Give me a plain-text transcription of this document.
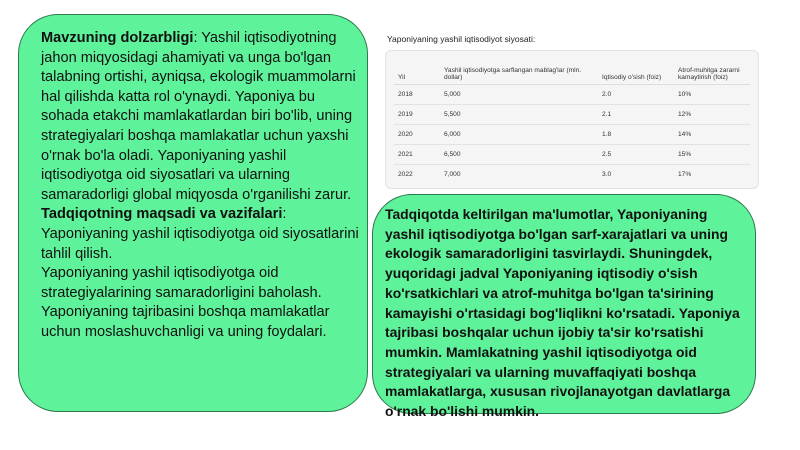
Mavzuning dolzarbligi: Yashil iqtisodiyotning jahon miqyosidagi ahamiyati va unga bo'lgan talabning ortishi, ayniqsa, ekologik muammolarni hal qilishda katta rol o'ynaydi. Yaponiya bu sohada etakchi mamlakatlardan biri bo'lib, uning strategiyalari boshqa mamlakatlar uchun yaxshi o'rnak bo'la oladi. Yaponiyaning yashil iqtisodiyotga oid siyosatlari va ularning samaradorligi global miqyosda o'rganilishi zarur.

Tadqiqotning maqsadi va vazifalari:

Yaponiyaning yashil iqtisodiyotga oid siyosatlarini tahlil qilish.
Yaponiyaning yashil iqtisodiyotga oid strategiyalarining samaradorligini baholash.
Yaponiyaning tajribasini boshqa mamlakatlar uchun moslashuvchanligi va uning foydalari.

Yaponiyaning yashil iqtisodiyot siyosati:
Yil	Yashil iqtisodiyotga sarflangan mablag'lar (mln. dollar)	Iqtisodiy o'sish (foiz)	Atrof-muhitga zararni kamaytirish (foiz)
2018	5,000	2.0	10%
2019	5,500	2.1	12%
2020	6,000	1.8	14%
2021	6,500	2.5	15%
2022	7,000	3.0	17%

Tadqiqotda keltirilgan ma'lumotlar, Yaponiyaning yashil iqtisodiyotga bo'lgan sarf-xarajatlari va uning ekologik samaradorligini tasvirlaydi. Shuningdek, yuqoridagi jadval Yaponiyaning iqtisodiy o'sish ko'rsatkichlari va atrof-muhitga bo'lgan ta'sirining kamayishi o'rtasidagi bog'liqlikni ko'rsatadi. Yaponiya tajribasi boshqalar uchun ijobiy ta'sir ko'rsatishi mumkin. Mamlakatning yashil iqtisodiyotga oid strategiyalari va ularning muvaffaqiyati boshqa mamlakatlarga, xususan rivojlanayotgan davlatlarga o'rnak bo'lishi mumkin.
